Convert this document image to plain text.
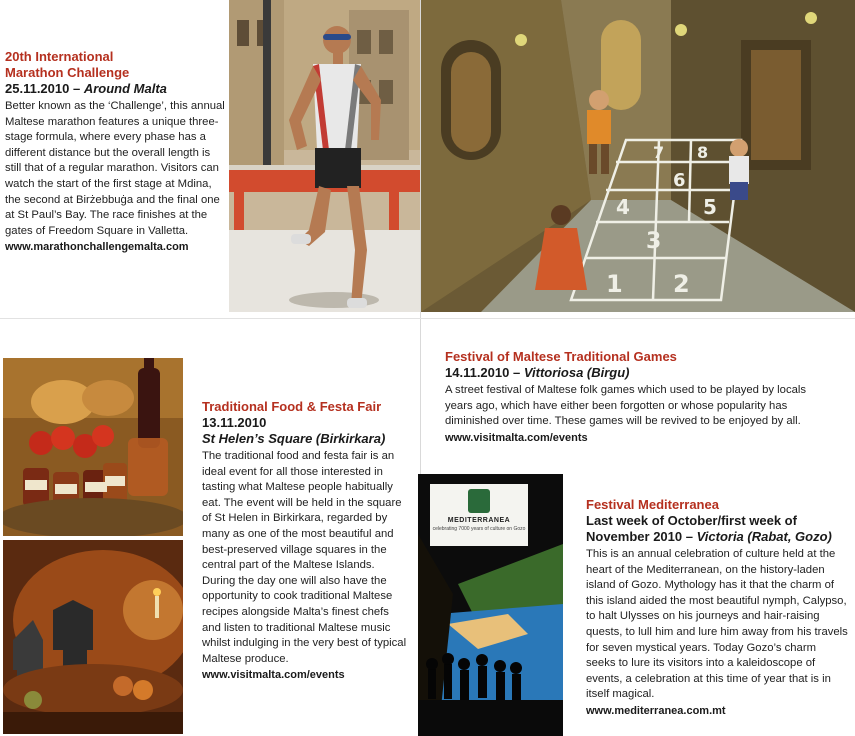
20th International

Marathon Challenge

25.11.2010 – Around Malta

Better known as the ‘Challenge’, this annual Maltese marathon features a unique three-stage formula, where every phase has a different distance but the overall length is still that of a regular marathon. Visitors can watch the start of the first stage at Mdina, the second at Birżebbuġa and the final one at St Paul’s Bay. The race finishes at the gates of Freedom Square in Valletta.

www.marathonchallengemalta.com

1 2
3
4	5
6
7 8

Festival of Maltese Traditional Games

14.11.2010 – Vittoriosa (Birgu)

A street festival of Maltese folk games which used to be played by locals years ago, which have either been forgotten or whose popularity has diminished over time. These games will be revived to be enjoyed by all.

www.visitmalta.com/events

Traditional Food & Festa Fair

13.11.2010

St Helen’s Square (Birkirkara)

The traditional food and festa fair is an ideal event for all those interested in tasting what Maltese people habitually eat. The event will be held in the square of St Helen in Birkirkara, regarded by many as one of the most beautiful and best-preserved village squares in the central part of the Maltese Islands. During the day one will also have the opportunity to cook traditional Maltese recipes alongside Malta’s finest chefs and listen to traditional Maltese music whilst indulging in the very best of typical Maltese produce.

www.visitmalta.com/events

MEDITERRANEA
celebrating 7000 years of culture on Gozo

Festival Mediterranea

Last week of October/first week of

November 2010 – Victoria (Rabat, Gozo)

This is an annual celebration of culture held at the heart of the Mediterranean, on the history-laden island of Gozo. Mythology has it that the charm of this island aided the most beautiful nymph, Calypso, to halt Ulysses on his journeys and hair-raising quests, to lull him and lure him away from his travels for seven mystical years. Today Gozo’s charm seeks to lure its visitors into a kaleidoscope of events, a celebration at this time of year that is in itself magical.

www.mediterranea.com.mt
